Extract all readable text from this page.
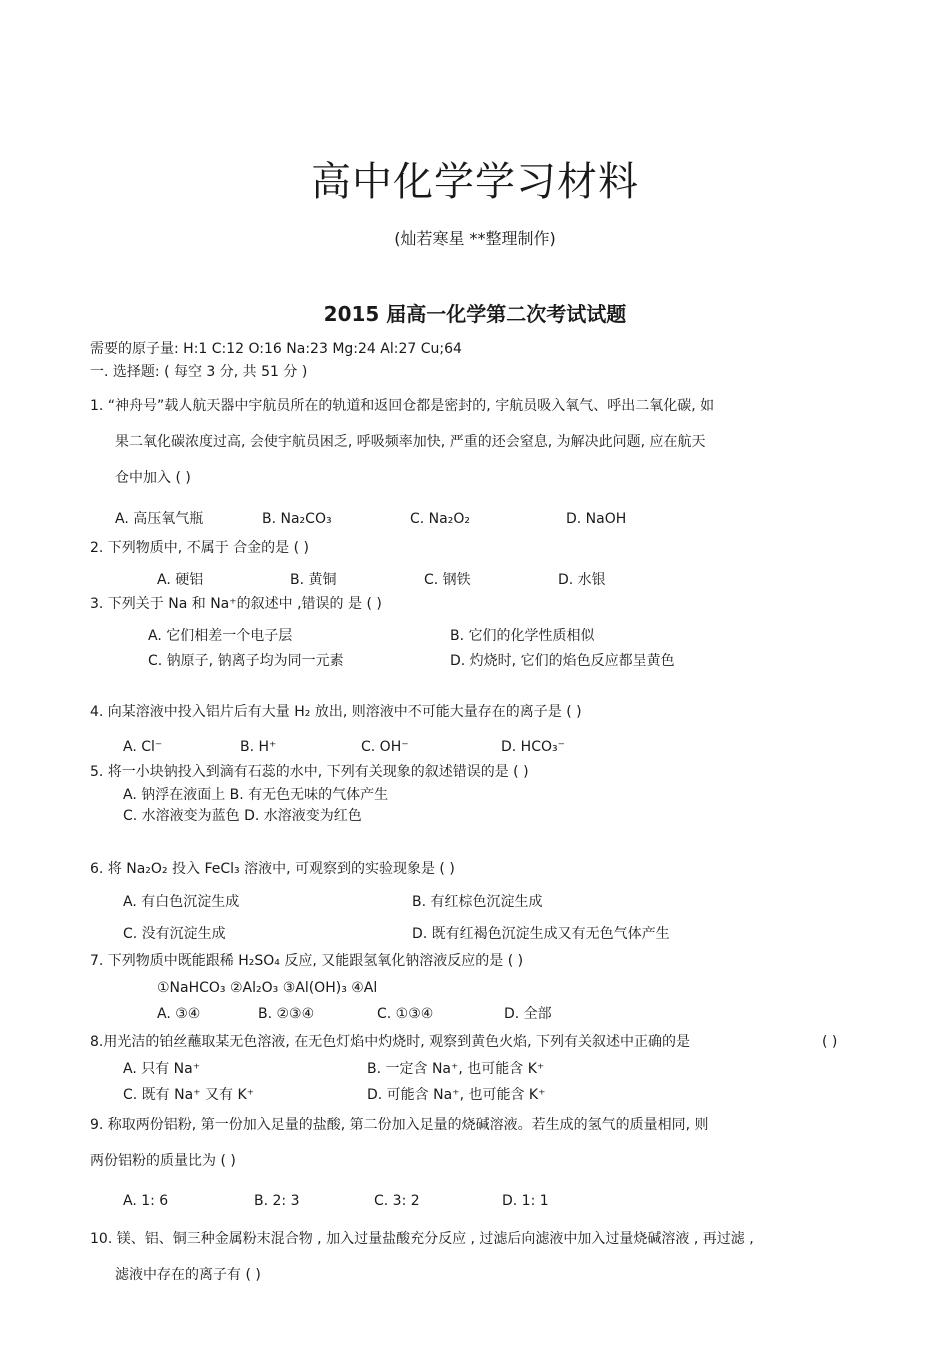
高中化学学习材料
(灿若寒星 **整理制作)
2015 届高一化学第二次考试试题
需要的原子量: H:1 C:12 O:16 Na:23 Mg:24 Al:27 Cu;64
一. 选择题: ( 每空 3 分, 共 51 分 )
1. “神舟号”载人航天器中宇航员所在的轨道和返回仓都是密封的, 宇航员吸入氧气、呼出二氧化碳, 如
果二氧化碳浓度过高, 会使宇航员困乏, 呼吸频率加快, 严重的还会窒息, 为解决此问题, 应在航天
仓中加入 ( )
A. 高压氧气瓶	B. Na₂CO₃	C. Na₂O₂	D. NaOH
2. 下列物质中, 不属于 合金的是 ( )
A. 硬铝	B. 黄铜	C. 钢铁	D. 水银
3. 下列关于 Na 和 Na⁺的叙述中 ,错误的 是 ( )
A. 它们相差一个电子层	B. 它们的化学性质相似
C. 钠原子, 钠离子均为同一元素	D. 灼烧时, 它们的焰色反应都呈黄色
4. 向某溶液中投入铝片后有大量 H₂ 放出, 则溶液中不可能大量存在的离子是 ( )
A. Cl⁻	B. H⁺	C. OH⁻	D. HCO₃⁻
5. 将一小块钠投入到滴有石蕊的水中, 下列有关现象的叙述错误的是 ( )
A. 钠浮在液面上 B. 有无色无味的气体产生
C. 水溶液变为蓝色 D. 水溶液变为红色
6. 将 Na₂O₂ 投入 FeCl₃ 溶液中, 可观察到的实验现象是 ( )
A. 有白色沉淀生成	B. 有红棕色沉淀生成
C. 没有沉淀生成	D. 既有红褐色沉淀生成又有无色气体产生
7. 下列物质中既能跟稀 H₂SO₄ 反应, 又能跟氢氧化钠溶液反应的是 ( )
①NaHCO₃ ②Al₂O₃ ③Al(OH)₃ ④Al
A. ③④	B. ②③④	C. ①③④	D. 全部
8.用光洁的铂丝蘸取某无色溶液, 在无色灯焰中灼烧时, 观察到黄色火焰, 下列有关叙述中正确的是	( )
A. 只有 Na⁺	B. 一定含 Na⁺, 也可能含 K⁺
C. 既有 Na⁺ 又有 K⁺	D. 可能含 Na⁺, 也可能含 K⁺
9. 称取两份铝粉, 第一份加入足量的盐酸, 第二份加入足量的烧碱溶液。若生成的氢气的质量相同, 则
两份铝粉的质量比为 ( )
A. 1: 6	B. 2: 3	C. 3: 2	D. 1: 1
10. 镁、铝、铜三种金属粉末混合物 , 加入过量盐酸充分反应 , 过滤后向滤液中加入过量烧碱溶液 , 再过滤 ,
滤液中存在的离子有 ( )
